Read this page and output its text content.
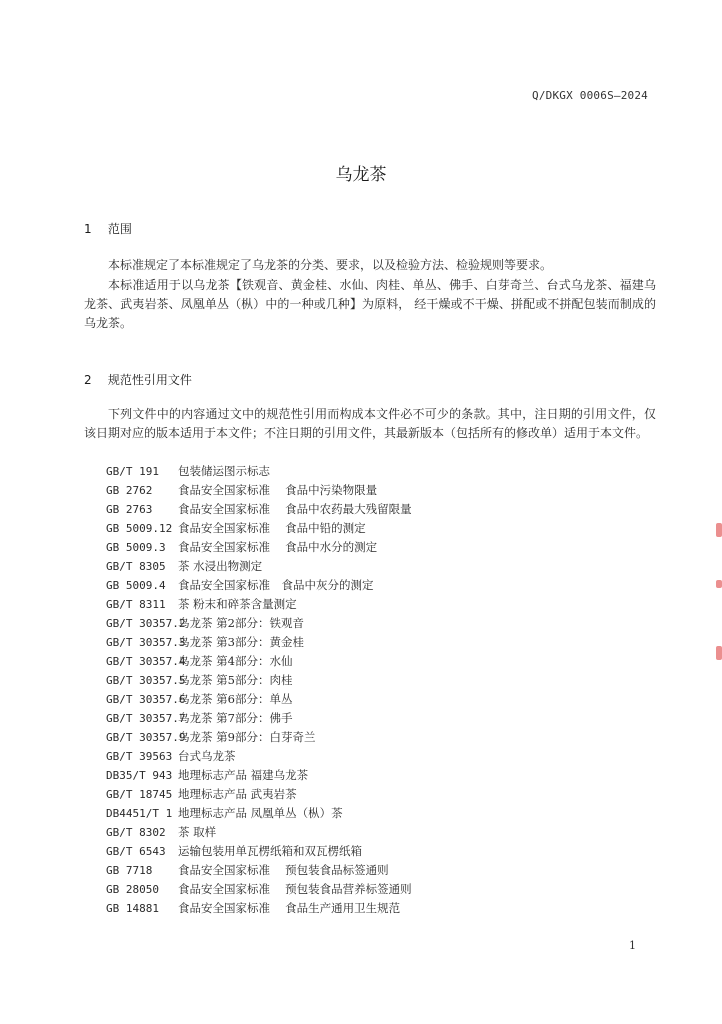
Q/DKGX 0006S—2024
乌龙茶
1 范围

本标准规定了本标准规定了乌龙茶的分类、要求，以及检验方法、检验规则等要求。

本标准适用于以乌龙茶【铁观音、黄金桂、水仙、肉桂、单丛、佛手、白芽奇兰、台式乌龙茶、福建乌龙茶、武夷岩茶、凤凰单丛（枞）中的一种或几种】为原料， 经干燥或不干燥、拼配或不拼配包装而制成的乌龙茶。

2 规范性引用文件

下列文件中的内容通过文中的规范性引用而构成本文件必不可少的条款。其中，注日期的引用文件，仅该日期对应的版本适用于本文件；不注日期的引用文件，其最新版本（包括所有的修改单）适用于本文件。

GB/T 191 包装储运图示标志
GB 2762 食品安全国家标准　 食品中污染物限量
GB 2763 食品安全国家标准　 食品中农药最大残留限量
GB 5009.12 食品安全国家标准　 食品中铅的测定
GB 5009.3 食品安全国家标准　 食品中水分的测定
GB/T 8305 茶 水浸出物测定
GB 5009.4 食品安全国家标准　食品中灰分的测定
GB/T 8311 茶 粉末和碎茶含量测定
GB/T 30357.2乌龙茶 第2部分：铁观音
GB/T 30357.3乌龙茶 第3部分：黄金桂
GB/T 30357.4乌龙茶 第4部分：水仙
GB/T 30357.5乌龙茶 第5部分：肉桂
GB/T 30357.6乌龙茶 第6部分：单丛
GB/T 30357.7乌龙茶 第7部分：佛手
GB/T 30357.9乌龙茶 第9部分：白芽奇兰
GB/T 39563 台式乌龙茶
DB35/T 943 地理标志产品 福建乌龙茶
GB/T 18745 地理标志产品 武夷岩茶
DB4451/T 1 地理标志产品 凤凰单丛（枞）茶
GB/T 8302 茶 取样
GB/T 6543 运输包装用单瓦楞纸箱和双瓦楞纸箱
GB 7718 食品安全国家标准　 预包装食品标签通则
GB 28050 食品安全国家标准　 预包装食品营养标签通则
GB 14881 食品安全国家标准　 食品生产通用卫生规范
1
